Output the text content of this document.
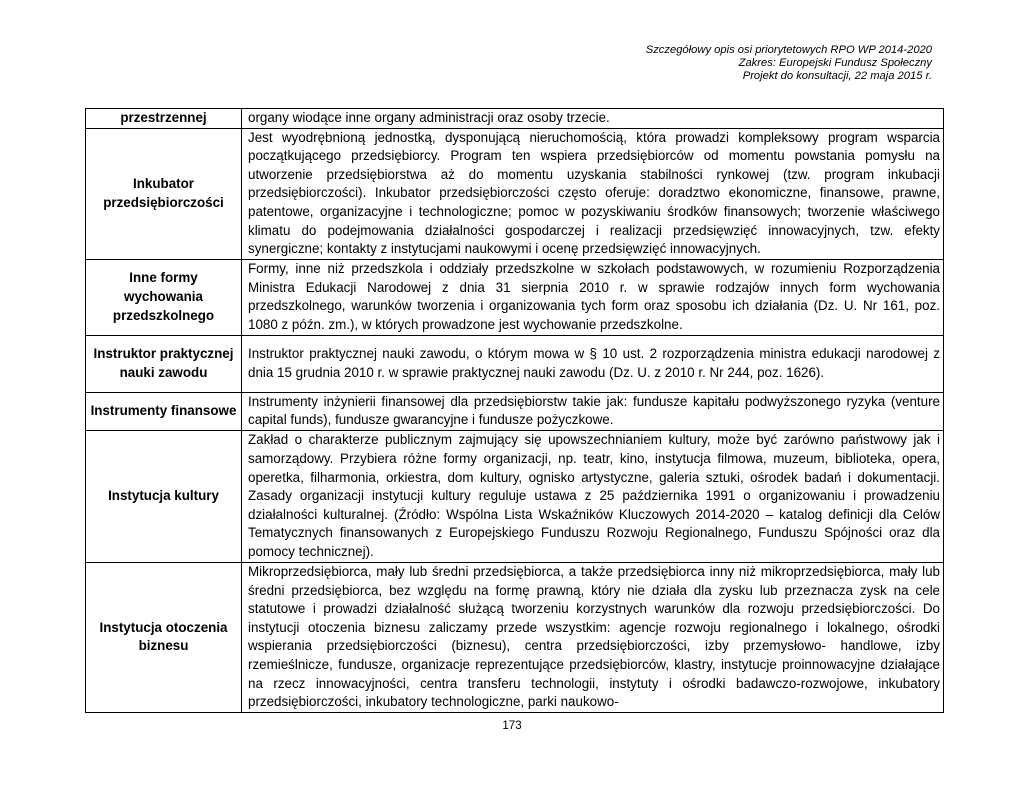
Szczegółowy opis osi priorytetowych RPO WP 2014-2020
Zakres: Europejski Fundusz Społeczny
Projekt do konsultacji, 22 maja 2015 r.
przestrzennej	organy wiodące inne organy administracji oraz osoby trzecie.
Inkubator przedsiębiorczości	Jest wyodrębnioną jednostką, dysponującą nieruchomością, która prowadzi kompleksowy program wsparcia początkującego przedsiębiorcy. Program ten wspiera przedsiębiorców od momentu powstania pomysłu na utworzenie przedsiębiorstwa aż do momentu uzyskania stabilności rynkowej (tzw. program inkubacji przedsiębiorczości). Inkubator przedsiębiorczości często oferuje: doradztwo ekonomiczne, finansowe, prawne, patentowe, organizacyjne i technologiczne; pomoc w pozyskiwaniu środków finansowych; tworzenie właściwego klimatu do podejmowania działalności gospodarczej i realizacji przedsięwzięć innowacyjnych, tzw. efekty synergiczne; kontakty z instytucjami naukowymi i ocenę przedsięwzięć innowacyjnych.
Inne formy wychowania przedszkolnego	Formy, inne niż przedszkola i oddziały przedszkolne w szkołach podstawowych, w rozumieniu Rozporządzenia Ministra Edukacji Narodowej z dnia 31 sierpnia 2010 r. w sprawie rodzajów innych form wychowania przedszkolnego, warunków tworzenia i organizowania tych form oraz sposobu ich działania (Dz. U. Nr 161, poz. 1080 z późn. zm.), w których prowadzone jest wychowanie przedszkolne.
Instruktor praktycznej nauki zawodu	Instruktor praktycznej nauki zawodu, o którym mowa w § 10 ust. 2 rozporządzenia ministra edukacji narodowej z dnia 15 grudnia 2010 r. w sprawie praktycznej nauki zawodu (Dz. U. z 2010 r. Nr 244, poz. 1626).
Instrumenty finansowe	Instrumenty inżynierii finansowej dla przedsiębiorstw takie jak: fundusze kapitału podwyższonego ryzyka (venture capital funds), fundusze gwarancyjne i fundusze pożyczkowe.
Instytucja kultury	Zakład o charakterze publicznym zajmujący się upowszechnianiem kultury, może być zarówno państwowy jak i samorządowy. Przybiera różne formy organizacji, np. teatr, kino, instytucja filmowa, muzeum, biblioteka, opera, operetka, filharmonia, orkiestra, dom kultury, ognisko artystyczne, galeria sztuki, ośrodek badań i dokumentacji. Zasady organizacji instytucji kultury reguluje ustawa z 25 października 1991 o organizowaniu i prowadzeniu działalności kulturalnej. (Źródło: Wspólna Lista Wskaźników Kluczowych 2014-2020 – katalog definicji dla Celów Tematycznych finansowanych z Europejskiego Funduszu Rozwoju Regionalnego, Funduszu Spójności oraz dla pomocy technicznej).
Instytucja otoczenia biznesu	Mikroprzedsiębiorca, mały lub średni przedsiębiorca, a także przedsiębiorca inny niż mikroprzedsiębiorca, mały lub średni przedsiębiorca, bez względu na formę prawną, który nie działa dla zysku lub przeznacza zysk na cele statutowe i prowadzi działalność służącą tworzeniu korzystnych warunków dla rozwoju przedsiębiorczości. Do instytucji otoczenia biznesu zaliczamy przede wszystkim: agencje rozwoju regionalnego i lokalnego, ośrodki wspierania przedsiębiorczości (biznesu), centra przedsiębiorczości, izby przemysłowo- handlowe, izby rzemieślnicze, fundusze, organizacje reprezentujące przedsiębiorców, klastry, instytucje proinnowacyjne działające na rzecz innowacyjności, centra transferu technologii, instytuty i ośrodki badawczo-rozwojowe, inkubatory przedsiębiorczości, inkubatory technologiczne, parki naukowo-
173
